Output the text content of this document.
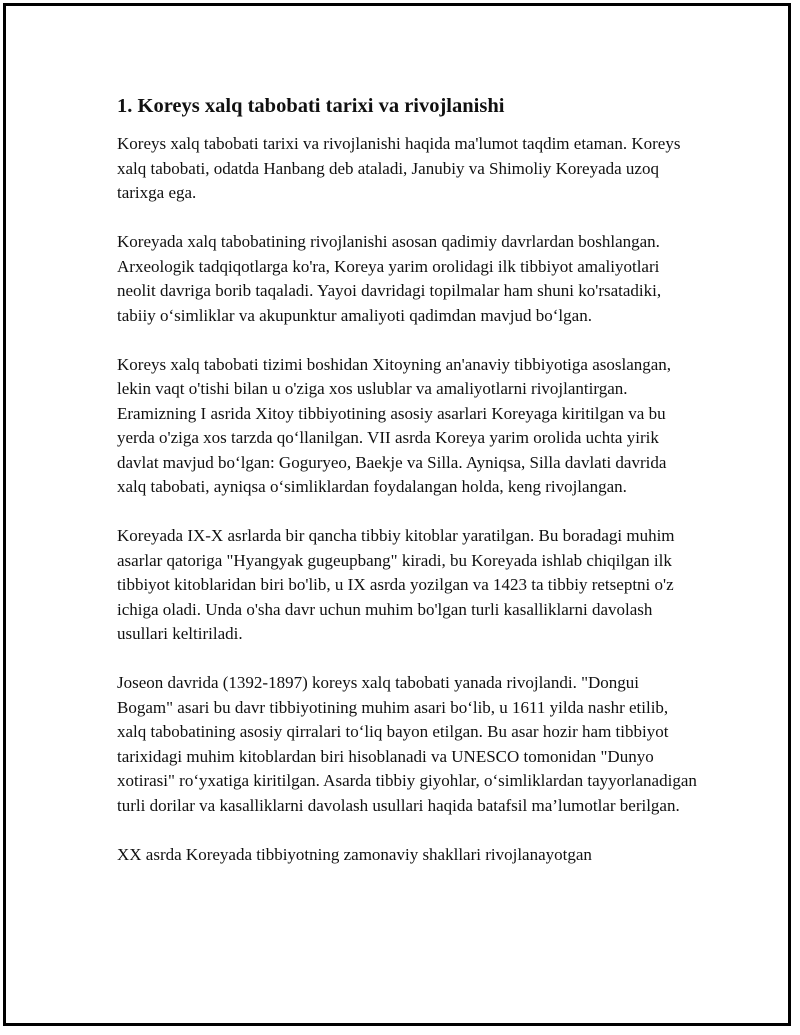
1. Koreys xalq tabobati tarixi va rivojlanishi

Koreys xalq tabobati tarixi va rivojlanishi haqida ma'lumot taqdim etaman. Koreys xalq tabobati, odatda Hanbang deb ataladi, Janubiy va Shimoliy Koreyada uzoq tarixga ega.

Koreyada xalq tabobatining rivojlanishi asosan qadimiy davrlardan boshlangan. Arxeologik tadqiqotlarga ko'ra, Koreya yarim orolidagi ilk tibbiyot amaliyotlari neolit davriga borib taqaladi. Yayoi davridagi topilmalar ham shuni ko'rsatadiki, tabiiy o‘simliklar va akupunktur amaliyoti qadimdan mavjud bo‘lgan.

Koreys xalq tabobati tizimi boshidan Xitoyning an'anaviy tibbiyotiga asoslangan, lekin vaqt o'tishi bilan u o'ziga xos uslublar va amaliyotlarni rivojlantirgan. Eramizning I asrida Xitoy tibbiyotining asosiy asarlari Koreyaga kiritilgan va bu yerda o'ziga xos tarzda qo‘llanilgan. VII asrda Koreya yarim orolida uchta yirik davlat mavjud bo‘lgan: Goguryeo, Baekje va Silla. Ayniqsa, Silla davlati davrida xalq tabobati, ayniqsa o‘simliklardan foydalangan holda, keng rivojlangan.

Koreyada IX-X asrlarda bir qancha tibbiy kitoblar yaratilgan. Bu boradagi muhim asarlar qatoriga "Hyangyak gugeupbang" kiradi, bu Koreyada ishlab chiqilgan ilk tibbiyot kitoblaridan biri bo'lib, u IX asrda yozilgan va 1423 ta tibbiy retseptni o'z ichiga oladi. Unda o'sha davr uchun muhim bo'lgan turli kasalliklarni davolash usullari keltiriladi.

Joseon davrida (1392-1897) koreys xalq tabobati yanada rivojlandi. "Dongui Bogam" asari bu davr tibbiyotining muhim asari bo‘lib, u 1611 yilda nashr etilib, xalq tabobatining asosiy qirralari to‘liq bayon etilgan. Bu asar hozir ham tibbiyot tarixidagi muhim kitoblardan biri hisoblanadi va UNESCO tomonidan "Dunyo xotirasi" ro‘yxatiga kiritilgan. Asarda tibbiy giyohlar, o‘simliklardan tayyorlanadigan turli dorilar va kasalliklarni davolash usullari haqida batafsil ma’lumotlar berilgan.

XX asrda Koreyada tibbiyotning zamonaviy shakllari rivojlanayotgan
